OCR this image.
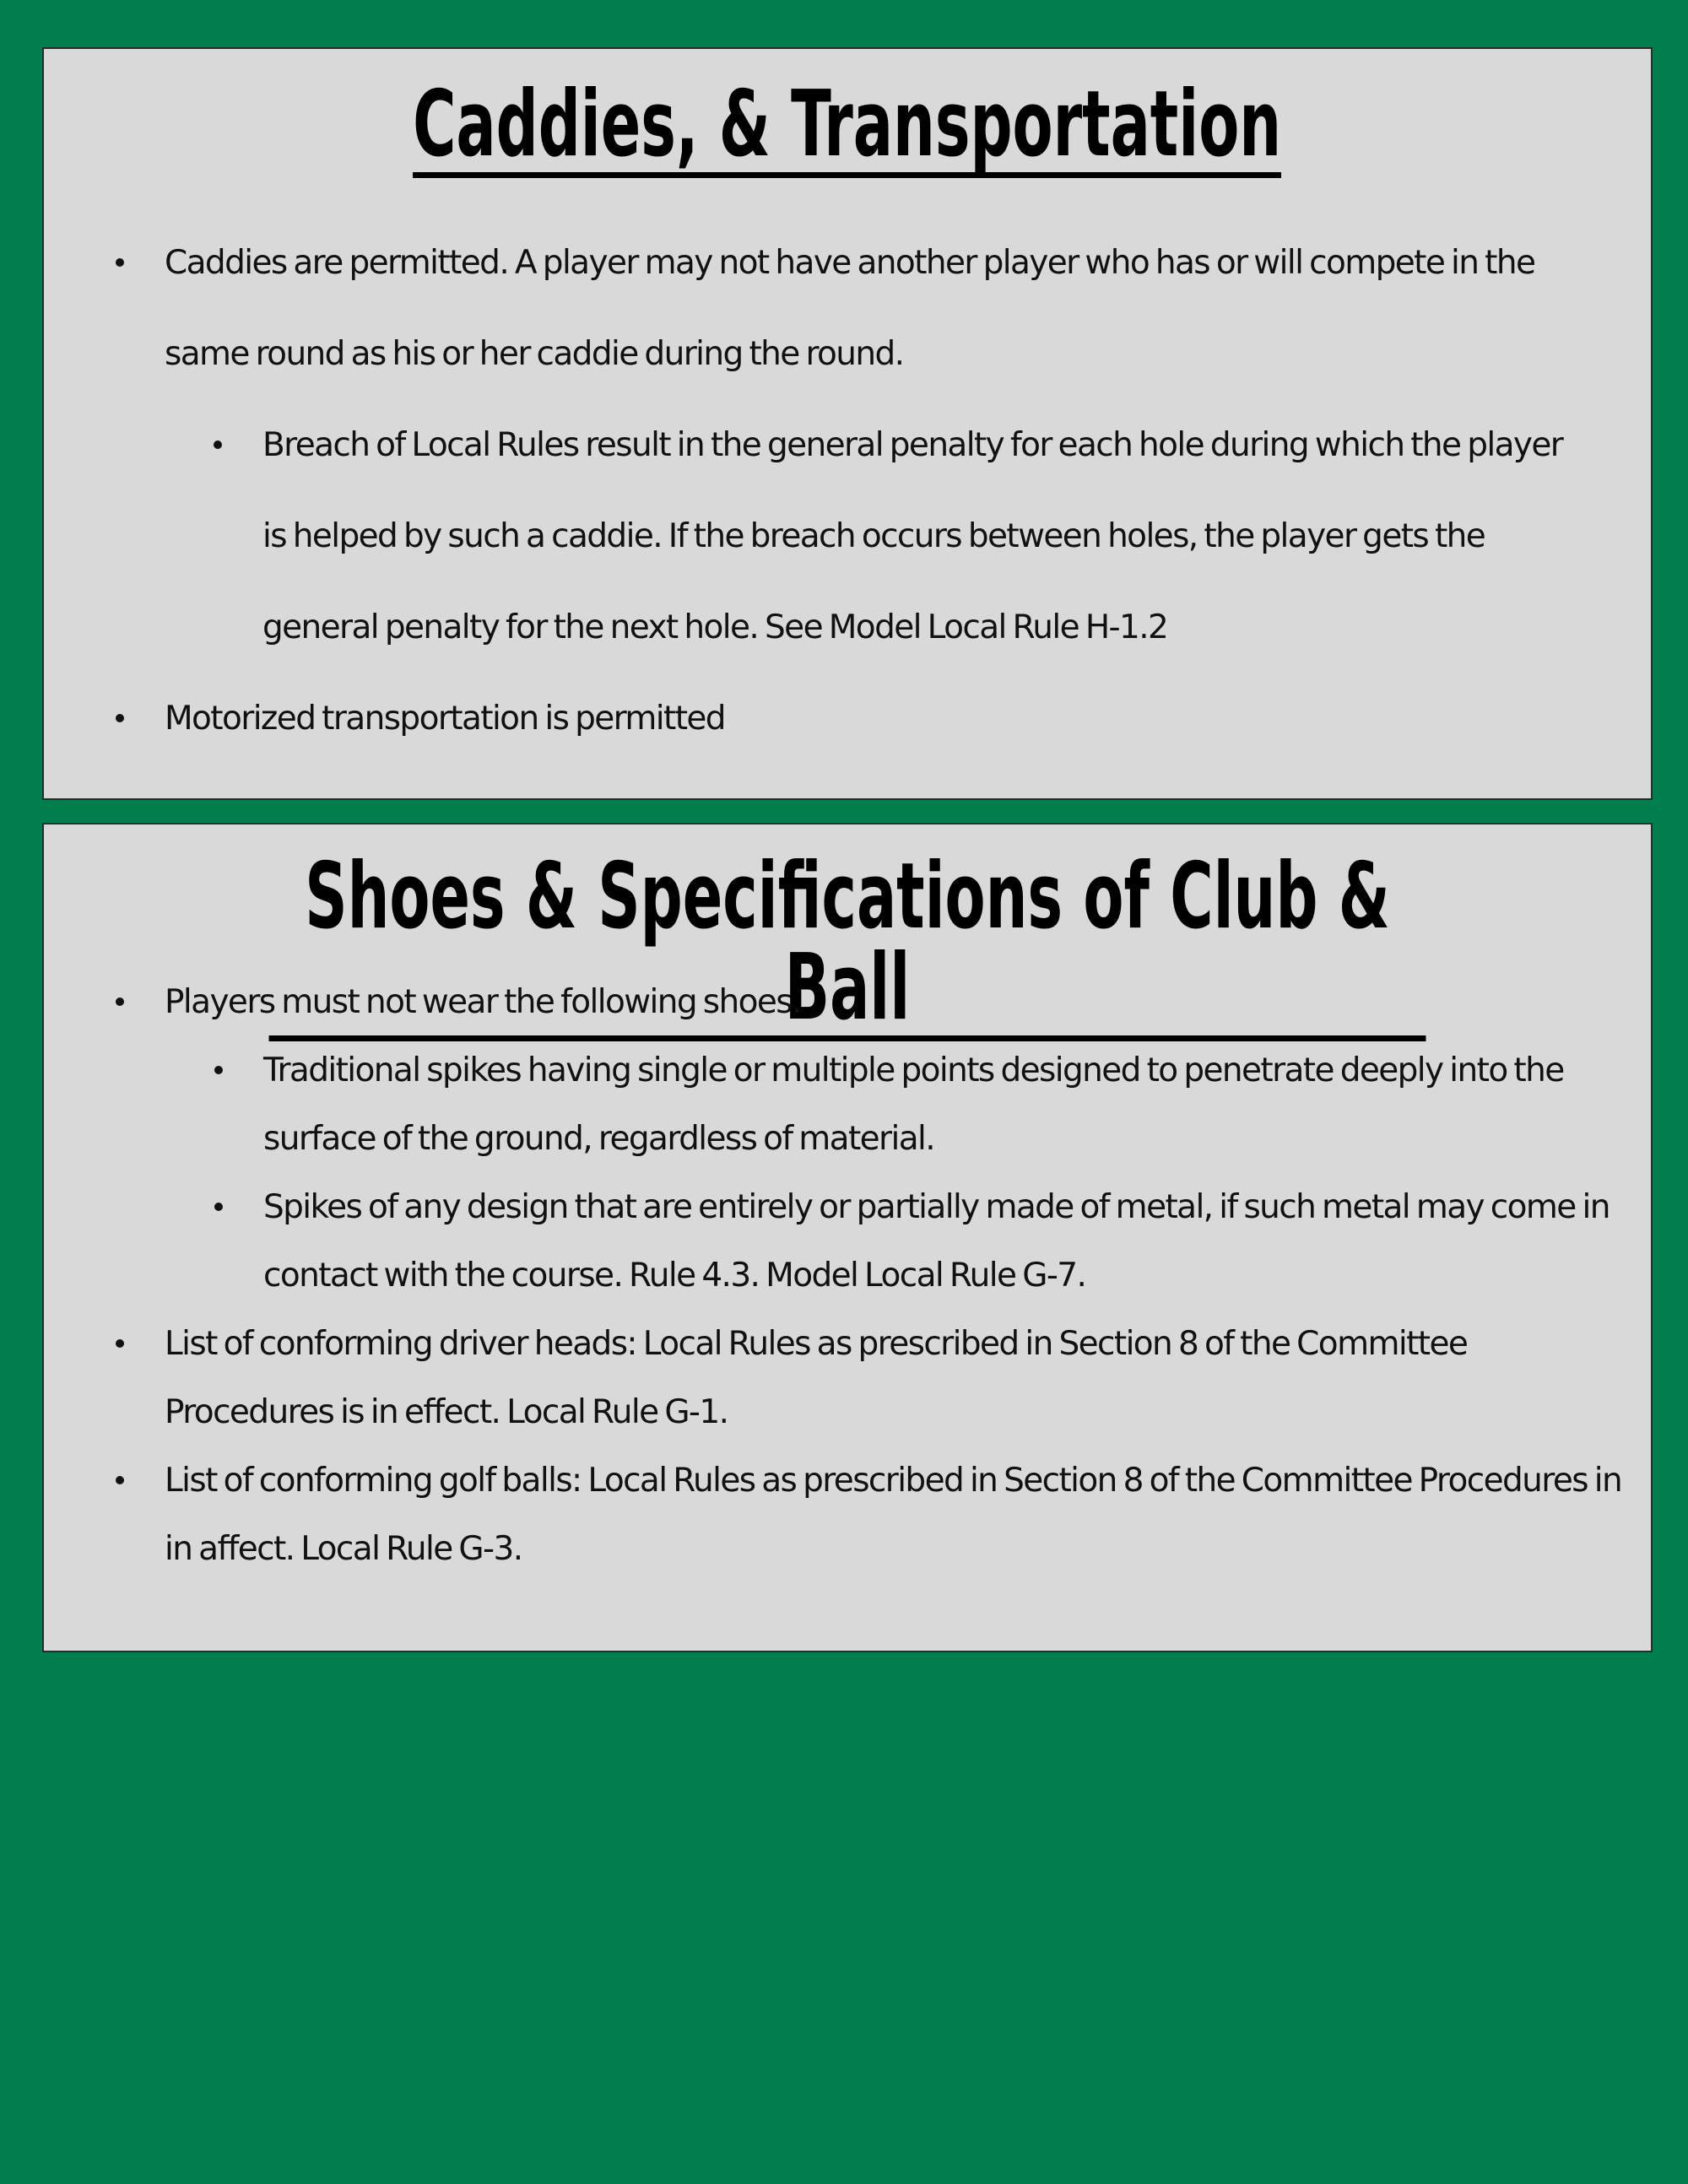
Caddies, & Transportation
Caddies are permitted. A player may not have another player who has or will compete in the same round as his or her caddie during the round.
Breach of Local Rules result in the general penalty for each hole during which the player is helped by such a caddie. If the breach occurs between holes, the player gets the general penalty for the next hole. See Model Local Rule H-1.2
Motorized transportation is permitted
Shoes & Specifications of Club & Ball
Players must not wear the following shoes.
Traditional spikes having single or multiple points designed to penetrate deeply into the surface of the ground, regardless of material.
Spikes of any design that are entirely or partially made of metal, if such metal may come in contact with the course. Rule 4.3. Model Local Rule G-7.
List of conforming driver heads: Local Rules as prescribed in Section 8 of the Committee Procedures is in effect. Local Rule G-1.
List of conforming golf balls: Local Rules as prescribed in Section 8 of the Committee Procedures in in affect. Local Rule G-3.
